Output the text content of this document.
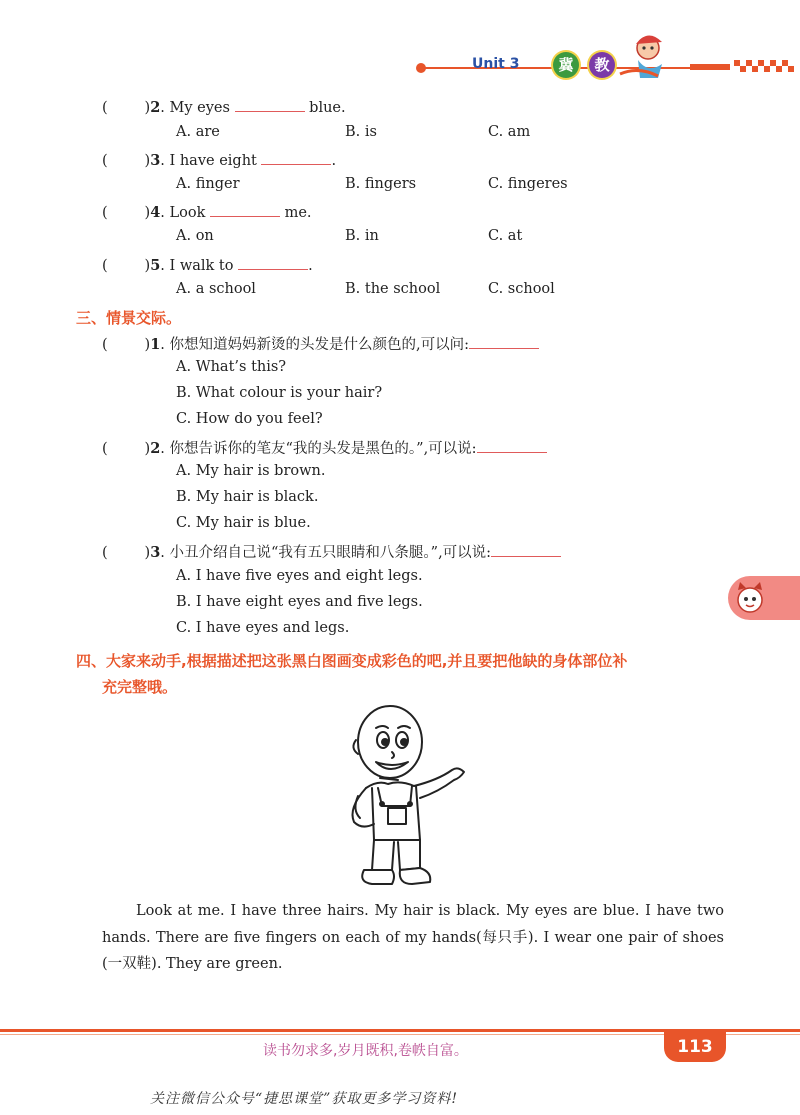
Unit 3	冀	教
(        )2. My eyes	blue.
A. are	B. is	C. am
(        )3. I have eight	.
A. finger	B. fingers	C. fingeres
(        )4. Look	me.
A. on	B. in	C. at
(        )5. I walk to	.
A. a school	B. the school	C. school
三、情景交际。
(        )1. 你想知道妈妈新烫的头发是什么颜色的,可以问:
A. What’s this?
B. What colour is your hair?
C. How do you feel?
(        )2. 你想告诉你的笔友“我的头发是黑色的。”,可以说:
A. My hair is brown.
B. My hair is black.
C. My hair is blue.
(        )3. 小丑介绍自己说“我有五只眼睛和八条腿。”,可以说:
A. I have five eyes and eight legs.
B. I have eight eyes and five legs.
C. I have eyes and legs.
四、大家来动手,根据描述把这张黑白图画变成彩色的吧,并且要把他缺的身体部位补
充完整哦。
Look at me. I have three hairs. My hair is black. My eyes are blue. I have two hands. There are five fingers on each of my hands(每只手). I wear one pair of shoes (一双鞋). They are green.
读书勿求多,岁月既积,卷帙自富。	113
关注微信公众号“捷思课堂”获取更多学习资料!
